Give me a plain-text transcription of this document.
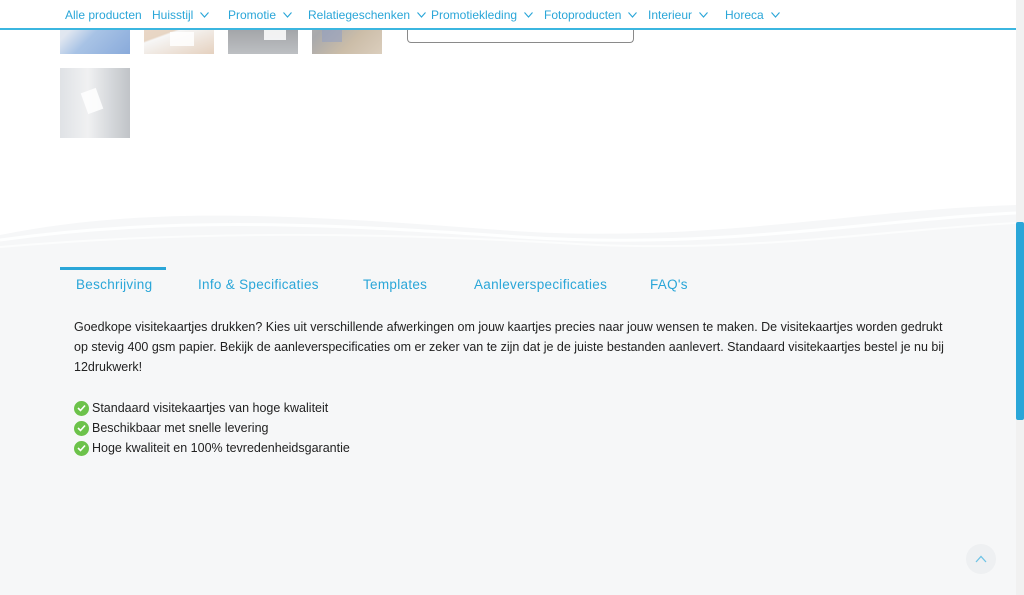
Alle producten Huisstijl	Promotie	Relatiegeschenken Promotiekleding Fotoproducten Interieur	Horeca
Beschrijving	Info & Specificaties	Templates	Aanleverspecificaties	FAQ's

Goedkope visitekaartjes drukken? Kies uit verschillende afwerkingen om jouw kaartjes precies naar jouw wensen te maken. De visitekaartjes worden gedrukt op stevig 400 gsm papier. Bekijk de aanleverspecificaties om er zeker van te zijn dat je de juiste bestanden aanlevert. Standaard visitekaartjes bestel je nu bij 12drukwerk!

Standaard visitekaartjes van hoge kwaliteit
Beschikbaar met snelle levering
Hoge kwaliteit en 100% tevredenheidsgarantie
